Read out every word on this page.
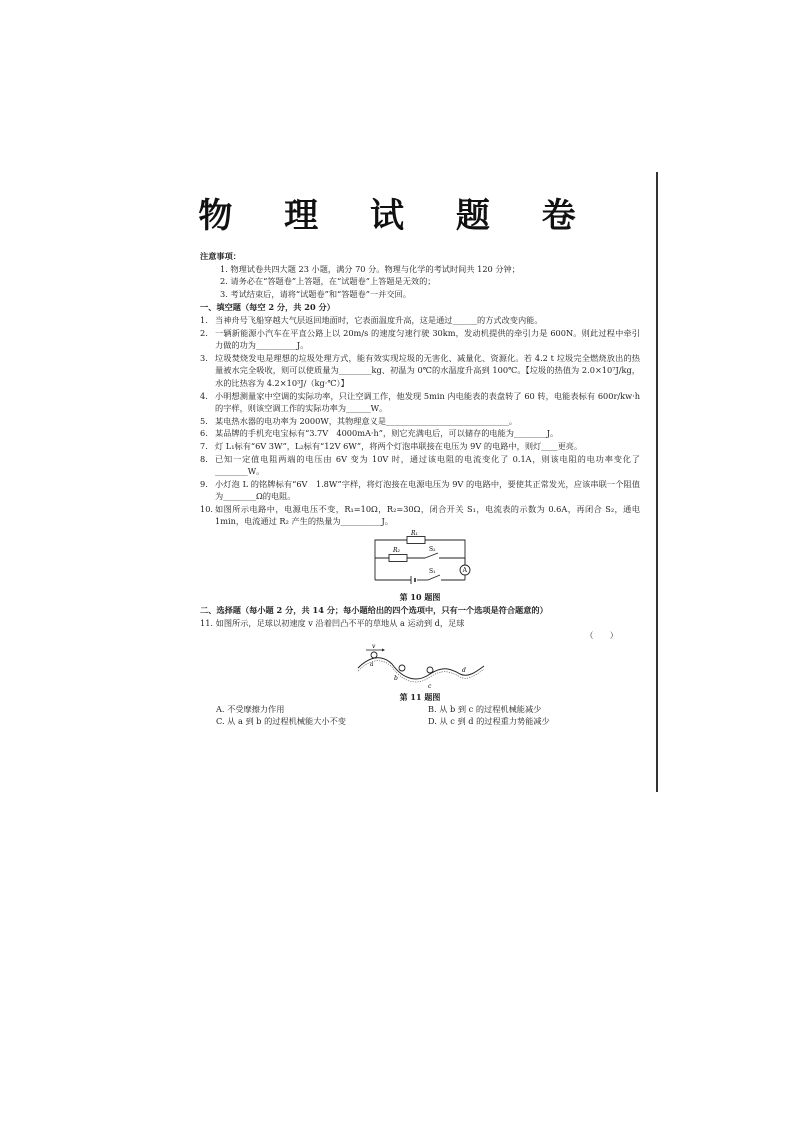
物 理 试 题 卷
注意事项：
1. 物理试卷共四大题 23 小题，满分 70 分。物理与化学的考试时间共 120 分钟；
2. 请务必在“答题卷”上答题，在“试题卷”上答题是无效的；
3. 考试结束后，请将“试题卷”和“答题卷”一并交回。
一、填空题（每空 2 分，共 20 分）
1. 当神舟号飞船穿越大气层返回地面时，它表面温度升高，这是通过______的方式改变内能。
2. 一辆新能源小汽车在平直公路上以 20m/s 的速度匀速行驶 30km，发动机提供的牵引力是 600N。则此过程中牵引力做的功为__________J。
3. 垃圾焚烧发电是理想的垃圾处理方式，能有效实现垃圾的无害化、减量化、资源化。若 4.2 t 垃圾完全燃烧放出的热量被水完全吸收，则可以使质量为________kg、初温为 0℃的水温度升高到 100℃。【垃圾的热值为 2.0×10⁷J/kg，水的比热容为 4.2×10³J/（kg·℃）】
4. 小明想测量家中空调的实际功率，只让空调工作，他发现 5min 内电能表的表盘转了 60 转，电能表标有 600r/kw·h 的字样，则该空调工作的实际功率为______W。
5. 某电热水器的电功率为 2000W，其物理意义是______________________________。
6. 某品牌的手机充电宝标有“3.7V　4000mA·h”，则它充满电后，可以储存的电能为________J。
7. 灯 L₁标有“6V 3W”，L₂标有“12V 6W”，将两个灯泡串联接在电压为 9V 的电路中，则灯____更亮。
8. 已知一定值电阻两端的电压由 6V 变为 10V 时，通过该电阻的电流变化了 0.1A，则该电阻的电功率变化了________W。
9. 小灯泡 L 的铭牌标有“6V　1.8W”字样，将灯泡接在电源电压为 9V 的电路中，要使其正常发光，应该串联一个阻值为________Ω的电阻。
10. 如图所示电路中，电源电压不变，R₁=10Ω，R₂=30Ω，闭合开关 S₁，电流表的示数为 0.6A，再闭合 S₂，通电 1min，电流通过 R₂ 产生的热量为__________J。
R₁
R₂	S₂
S₁	A
第 10 题图
二、选择题（每小题 2 分，共 14 分；每小题给出的四个选项中，只有一个选项是符合题意的）
11. 如图所示，足球以初速度 v 沿着凹凸不平的草地从 a 运动到 d，足球
（　　）
v
a
b
c
d
第 11 题图
A. 不受摩擦力作用	B. 从 b 到 c 的过程机械能减少
C. 从 a 到 b 的过程机械能大小不变	D. 从 c 到 d 的过程重力势能减少
